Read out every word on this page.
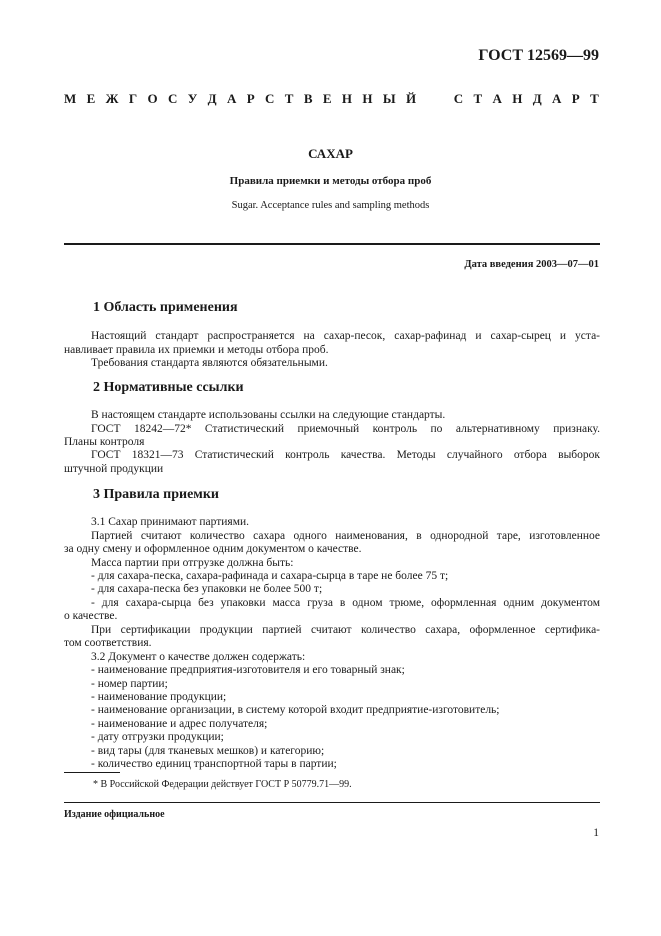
ГОСТ 12569—99
М Е Ж Г О С У Д А Р С Т В Е Н Н Ы Й

	С Т А Н Д А Р Т
САХАР
Правила приемки и методы отбора проб
Sugar. Acceptance rules and sampling methods
Дата введения 2003—07—01
1 Область применения
Настоящий стандарт распространяется на сахар-песок, сахар-рафинад и сахар-сырец и уста-
навливает правила их приемки и методы отбора проб.
Требования стандарта являются обязательными.
2 Нормативные ссылки
В настоящем стандарте использованы ссылки на следующие стандарты.
ГОСТ 18242—72* Статистический приемочный контроль по альтернативному признаку.
Планы контроля
ГОСТ 18321—73 Статистический контроль качества. Методы случайного отбора выборок
штучной продукции
3 Правила приемки
3.1 Сахар принимают партиями.
Партией считают количество сахара одного наименования, в однородной таре, изготовленное
за одну смену и оформленное одним документом о качестве.
Масса партии при отгрузке должна быть:
- для сахара-песка, сахара-рафинада и сахара-сырца в таре не более 75 т;
- для сахара-песка без упаковки не более 500 т;
- для сахара-сырца без упаковки масса груза в одном трюме, оформленная одним документом
о качестве.
При сертификации продукции партией считают количество сахара, оформленное сертифика-
том соответствия.
3.2 Документ о качестве должен содержать:
- наименование предприятия-изготовителя и его товарный знак;
- номер партии;
- наименование продукции;
- наименование организации, в систему которой входит предприятие-изготовитель;
- наименование и адрес получателя;
- дату отгрузки продукции;
- вид тары (для тканевых мешков) и категорию;
- количество единиц транспортной тары в партии;
* В Российской Федерации действует ГОСТ Р 50779.71—99.
Издание официальное
1
